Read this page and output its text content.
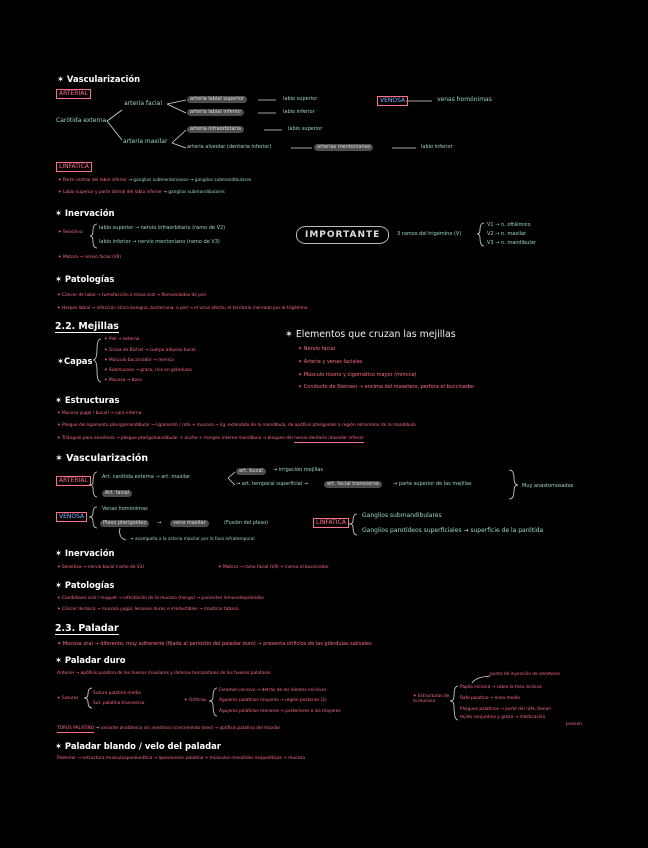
✶ Vascularización
ARTERIAL
Carótida externa
arteria facial
arteria labial superior
arteria labial inferior
labio superior
labio inferior
arteria maxilar
arteria infraorbitaria	labio superior
arteria alveolar (dentaria inferior)	arterias mentonianas	labio inferior
VENOSA	venas homónimas
LINFÁTICA
✶ Parte central del labio inferior → ganglios submentonianos → ganglios submandibulares
✶ Labio superior y parte lateral del labio inferior → ganglios submandibulares
✶ Inervación
✶ Sensitiva
labio superior → nervio infraorbitario (ramo de V2)
labio inferior → nervio mentoniano (ramo de V3)
✶ Motora → nervio facial (VII)
IMPORTANTE	3 ramos del trigémino (V)
V1 → n. oftálmico
V2 → n. maxilar
V3 → n. mandibular
✶ Patologías
✶ Cáncer de labio → tumefacción o masa oral → flemosidades de piel
✶ Herpes labial → infección vírica benigna, bacteriana, o piel → el virus afecta, el territorio inervado por el trigémino
2.2. Mejillas
✶Capas
✶ Piel → externa
✶ Grasa de Bichat → cuerpo adiposo bucal
✶ Músculo buccinador → mímica
✶ Submucosa → grasa, rica en glándulas
✶ Mucosa → boca
✶ Elementos que cruzan las mejillas
✶ Nervio facial
✶ Arteria y venas faciales
✶ Músculo risorio y cigomático mayor (mímica)
✶ Conducto de Stensen → encima del masetero, perfora el buccinador
✶ Estructuras
✶ Mucosa yugal / bucal) → cara interna
✶ Pliegue del ligamento pterigomandibular → ligamento / rafe + mucosa → lig. extendido de la mandíbula, de apófisis pterigoides a región retromolar de la mandíbula
✶ Triángulo para anestesia → pliegue pterigomandibular + ancho + margen interno mandíbula → bloqueo del nervio dentario /alveolar inferior
✶ Vascularización
ARTERIAL	Art. carótida externa → art. maxilar
art. bucal	→ irrigación mejillas
→ art. temporal superficial →	art. facial transversa	→ parte superior de las mejillas
Art. facial
Muy anastomosadas
VENOSA
Venas homónimas
Plexo pterigoideo	→	vena maxilar	(Fusión del plexo)
→ acompaña a la arteria maxilar por la fosa infratemporal
LINFÁTICA
Ganglios submandibulares
Ganglios parotídeos superficiales → superficie de la parótida
✶ Inervación
✶ Sensitiva → nervio bucal (ramo de V3)	✶ Motora → ramo facial (VII) → inerva el buccinador
✶ Patologías
✶ Candidiasis oral / muguet → infestación de la mucosa (hongo) → pacientes inmunodeprimidos
✶ Cáncer de boca → mucosa yugal, lesiones duras e irreductibles → masticar tabaco
2.3. Paladar
✶ Mucosa oral → diferente, muy adherente (fijada al periostio del paladar duro) → presenta orificios de las glándulas salivales
✶ Paladar duro
Anterior → apófisis palatina de los huesos maxilares y láminas horizontales de los huesos palatinos
✶ Suturas
Sutura palatina media
Sut. palatina transversa
✶ Orificios
Foramen incisivo → detrás de los dientes incisivos
Agujeros palatinos mayores → región posterior (2)
Agujeros palatinos menores → posteriores a los mayores
✶ Estructuras de la mucosa
punto de inyección de anestesia
Papila incisiva → sobre la fosa incisiva
Rafe palatino → línea media
Pliegues palatinos → parte del rafe, tienen
tejido conjuntivo y grasa → masticación
presión
TORUS PALATINO → variante anatómica sin anestesia (crecimiento óseo) → apófisis palatina del maxilar
✶ Paladar blando / velo del paladar
Posterior → estructura musculoaponeurótica → aponeurosis palatina + músculos revestidos esqueléticos + mucosa
